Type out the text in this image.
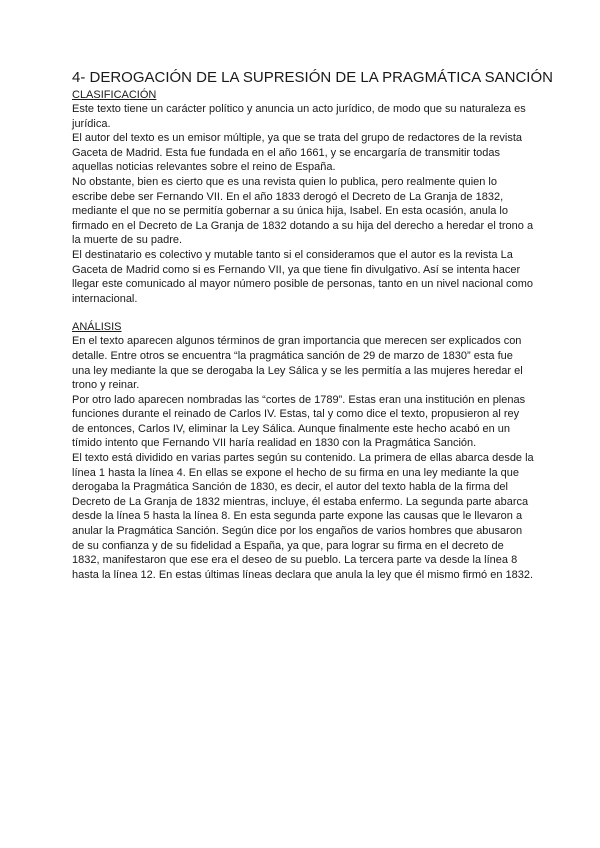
4- DEROGACIÓN DE LA SUPRESIÓN DE LA PRAGMÁTICA SANCIÓN

CLASIFICACIÓN

Este texto tiene un carácter político y anuncia un acto jurídico, de modo que su naturaleza es jurídica.

El autor del texto es un emisor múltiple, ya que se trata del grupo de redactores de la revista Gaceta de Madrid. Esta fue fundada en el año 1661, y se encargaría de transmitir todas aquellas noticias relevantes sobre el reino de España.

No obstante, bien es cierto que es una revista quien lo publica, pero realmente quien lo escribe debe ser Fernando VII. En el año 1833 derogó el Decreto de La Granja de 1832, mediante el que no se permitía gobernar a su única hija, Isabel. En esta ocasión, anula lo firmado en el Decreto de La Granja de 1832 dotando a su hija del derecho a heredar el trono a la muerte de su padre.

El destinatario es colectivo y mutable tanto si el consideramos que el autor es la revista La Gaceta de Madrid como si es Fernando VII, ya que tiene fin divulgativo. Así se intenta hacer llegar este comunicado al mayor número posible de personas, tanto en un nivel nacional como internacional.

ANÁLISIS

En el texto aparecen algunos términos de gran importancia que merecen ser explicados con detalle. Entre otros se encuentra “la pragmática sanción de 29 de marzo de 1830” esta fue una ley mediante la que se derogaba la Ley Sálica y se les permitía a las mujeres heredar el trono y reinar.

Por otro lado aparecen nombradas las “cortes de 1789”. Estas eran una institución en plenas funciones durante el reinado de Carlos IV. Estas, tal y como dice el texto, propusieron al rey de entonces, Carlos IV, eliminar la Ley Sálica. Aunque finalmente este hecho acabó en un tímido intento que Fernando VII haría realidad en 1830 con la Pragmática Sanción.

El texto está dividido en varias partes según su contenido. La primera de ellas abarca desde la línea 1 hasta la línea 4. En ellas se expone el hecho de su firma en una ley mediante la que derogaba la Pragmática Sanción de 1830, es decir, el autor del texto habla de la firma del Decreto de La Granja de 1832 mientras, incluye, él estaba enfermo. La segunda parte abarca desde la línea 5 hasta la línea 8. En esta segunda parte expone las causas que le llevaron a anular la Pragmática Sanción. Según dice por los engaños de varios hombres que abusaron de su confianza y de su fidelidad a España, ya que, para lograr su firma en el decreto de 1832, manifestaron que ese era el deseo de su pueblo. La tercera parte va desde la línea 8 hasta la línea 12. En estas últimas líneas declara que anula la ley que él mismo firmó en 1832.
